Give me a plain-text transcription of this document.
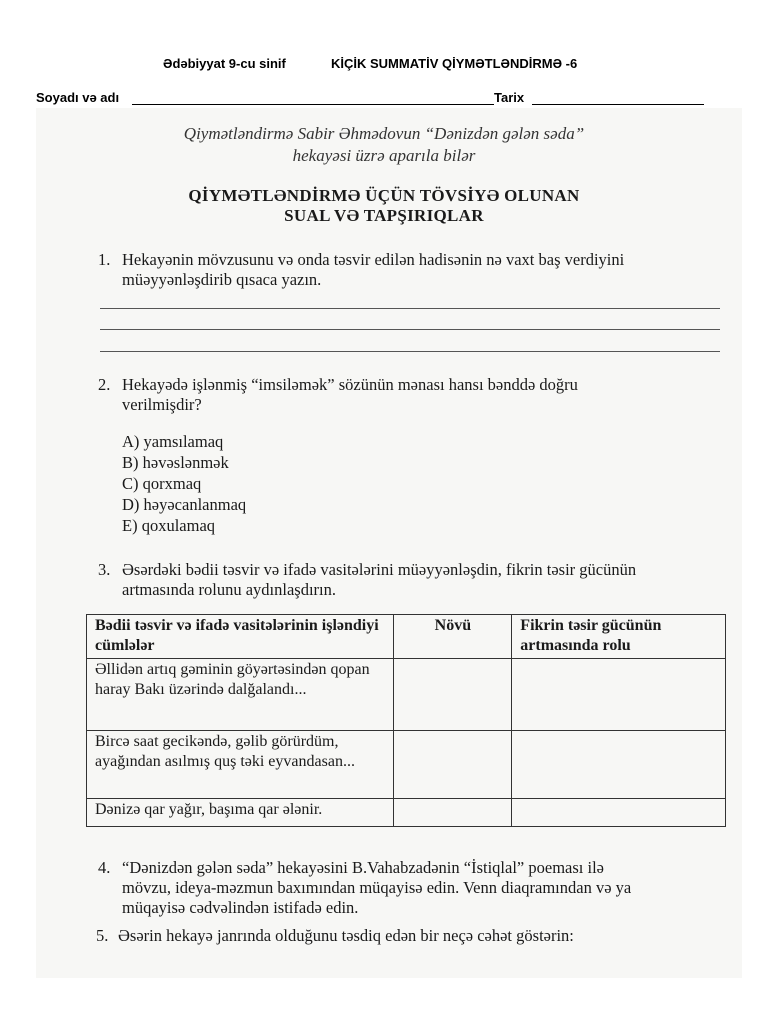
Ədəbiyyat 9-cu sinif	KİÇİK SUMMATİV QİYMƏTLƏNDİRMƏ -6
Soyadı və adı	Tarix
Qiymətləndirmə Sabir Əhmədovun “Dənizdən gələn səda”
hekayəsi üzrə aparıla bilər
QİYMƏTLƏNDİRMƏ ÜÇÜN TÖVSİYƏ OLUNAN
SUAL VƏ TAPŞIRIQLAR
1. Hekayənin mövzusunu və onda təsvir edilən hadisənin nə vaxt baş verdiyini
müəyyənləşdirib qısaca yazın.
2. Hekayədə işlənmiş “imsiləmək” sözünün mənası hansı bənddə doğru
verilmişdir?
A) yamsılamaq
B) həvəslənmək
C) qorxmaq
D) həyəcanlanmaq
E) qoxulamaq
3. Əsərdəki bədii təsvir və ifadə vasitələrini müəyyənləşdin, fikrin təsir gücünün
artmasında rolunu aydınlaşdırın.
Bədii təsvir və ifadə vasitələrinin işləndiyi cümlələr	Növü	Fikrin təsir gücünün artmasında rolu
Əllidən artıq gəminin göyərtəsindən qopan haray Bakı üzərində dalğalandı...		
Bircə saat gecikəndə, gəlib görürdüm, ayağından asılmış quş təki eyvandasan...		
Dənizə qar yağır, başıma qar ələnir.		
4. “Dənizdən gələn səda” hekayəsini B.Vahabzadənin “İstiqlal” poeması ilə
mövzu, ideya-məzmun baxımından müqayisə edin. Venn diaqramından və ya
müqayisə cədvəlindən istifadə edin.
5. Əsərin hekayə janrında olduğunu təsdiq edən bir neçə cəhət göstərin:
